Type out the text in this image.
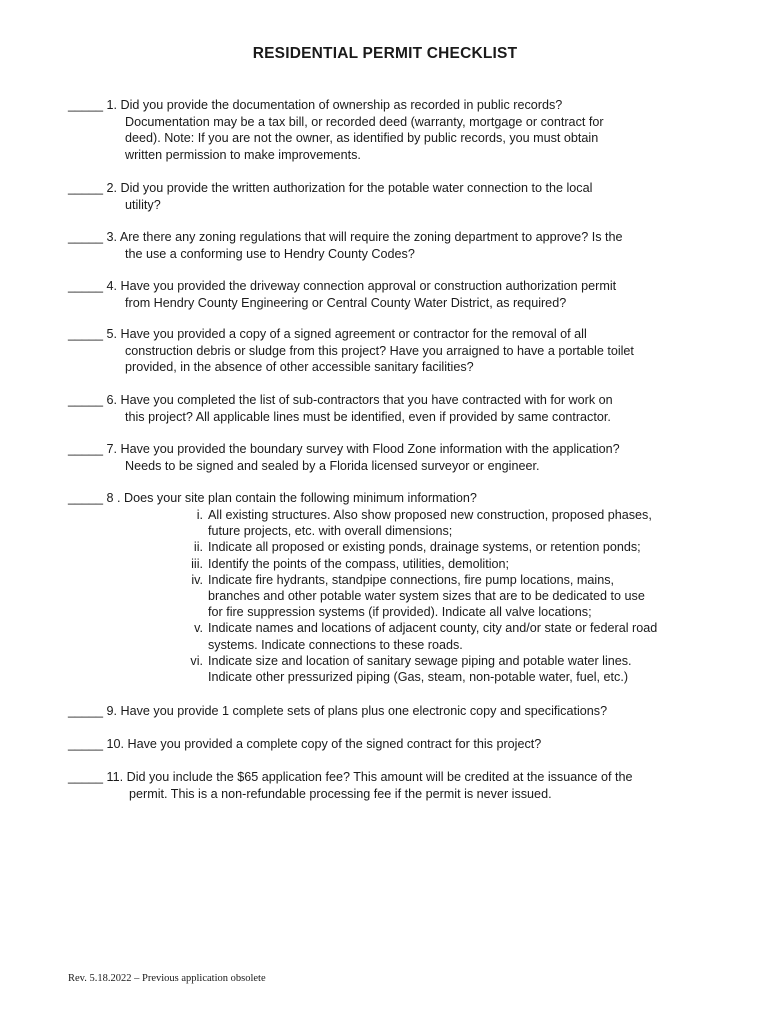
RESIDENTIAL PERMIT CHECKLIST
_____ 1. Did you provide the documentation of ownership as recorded in public records?
Documentation may be a tax bill, or recorded deed (warranty, mortgage or contract for
deed). Note: If you are not the owner, as identified by public records, you must obtain
written permission to make improvements.
_____ 2. Did you provide the written authorization for the potable water connection to the local
utility?
_____ 3. Are there any zoning regulations that will require the zoning department to approve? Is the
the use a conforming use to Hendry County Codes?
_____ 4. Have you provided the driveway connection approval or construction authorization permit
from Hendry County Engineering or Central County Water District, as required?
_____ 5. Have you provided a copy of a signed agreement or contractor for the removal of all
construction debris or sludge from this project? Have you arraigned to have a portable toilet
provided, in the absence of other accessible sanitary facilities?
_____ 6. Have you completed the list of sub-contractors that you have contracted with for work on
this project? All applicable lines must be identified, even if provided by same contractor.
_____ 7. Have you provided the boundary survey with Flood Zone information with the application?
Needs to be signed and sealed by a Florida licensed surveyor or engineer.
_____ 8 . Does your site plan contain the following minimum information?
i. All existing structures. Also show proposed new construction, proposed phases,
future projects, etc. with overall dimensions;
ii. Indicate all proposed or existing ponds, drainage systems, or retention ponds;
iii. Identify the points of the compass, utilities, demolition;
iv. Indicate fire hydrants, standpipe connections, fire pump locations, mains,
branches and other potable water system sizes that are to be dedicated to use
for fire suppression systems (if provided). Indicate all valve locations;
v. Indicate names and locations of adjacent county, city and/or state or federal road
systems. Indicate connections to these roads.
vi. Indicate size and location of sanitary sewage piping and potable water lines.
Indicate other pressurized piping (Gas, steam, non-potable water, fuel, etc.)
_____ 9. Have you provide 1 complete sets of plans plus one electronic copy and specifications?
_____ 10. Have you provided a complete copy of the signed contract for this project?
_____ 11. Did you include the $65 application fee? This amount will be credited at the issuance of the
permit. This is a non-refundable processing fee if the permit is never issued.
Rev. 5.18.2022 – Previous application obsolete
